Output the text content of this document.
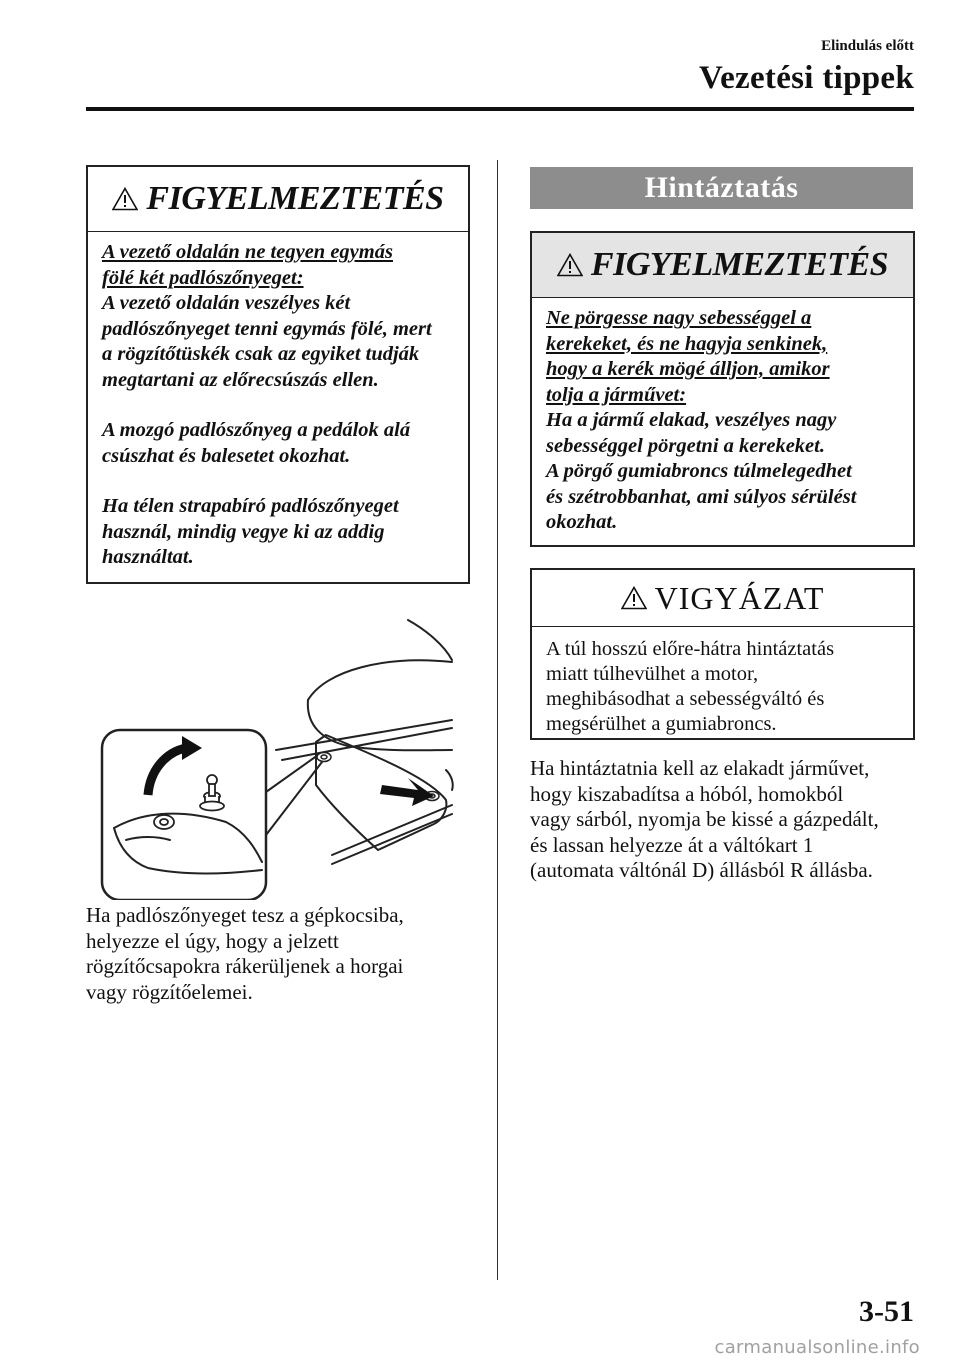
Elindulás előtt
Vezetési tippek
FIGYELMEZTETÉS

A vezető oldalán ne tegyen egymás
fölé két padlószőnyeget:
A vezető oldalán veszélyes két
padlószőnyeget tenni egymás fölé, mert
a rögzítőtüskék csak az egyiket tudják
megtartani az előrecsúszás ellen.

A mozgó padlószőnyeg a pedálok alá
csúszhat és balesetet okozhat.

Ha télen strapabíró padlószőnyeget
használ, mindig vegye ki az addig
használtat.

Ha padlószőnyeget tesz a gépkocsiba,
helyezze el úgy, hogy a jelzett
rögzítőcsapokra rákerüljenek a horgai
vagy rögzítőelemei.
Hintáztatás
FIGYELMEZTETÉS
Ne pörgesse nagy sebességgel a
kerekeket, és ne hagyja senkinek,
hogy a kerék mögé álljon, amikor
tolja a járművet:
Ha a jármű elakad, veszélyes nagy
sebességgel pörgetni a kerekeket.
A pörgő gumiabroncs túlmelegedhet
és szétrobbanhat, ami súlyos sérülést
okozhat.
VIGYÁZAT
A túl hosszú előre-hátra hintáztatás
miatt túlhevülhet a motor,
meghibásodhat a sebességváltó és
megsérülhet a gumiabroncs.
Ha hintáztatnia kell az elakadt járművet,
hogy kiszabadítsa a hóból, homokból
vagy sárból, nyomja be kissé a gázpedált,
és lassan helyezze át a váltókart 1
(automata váltónál D) állásból R állásba.
3-51
carmanualsonline.info
